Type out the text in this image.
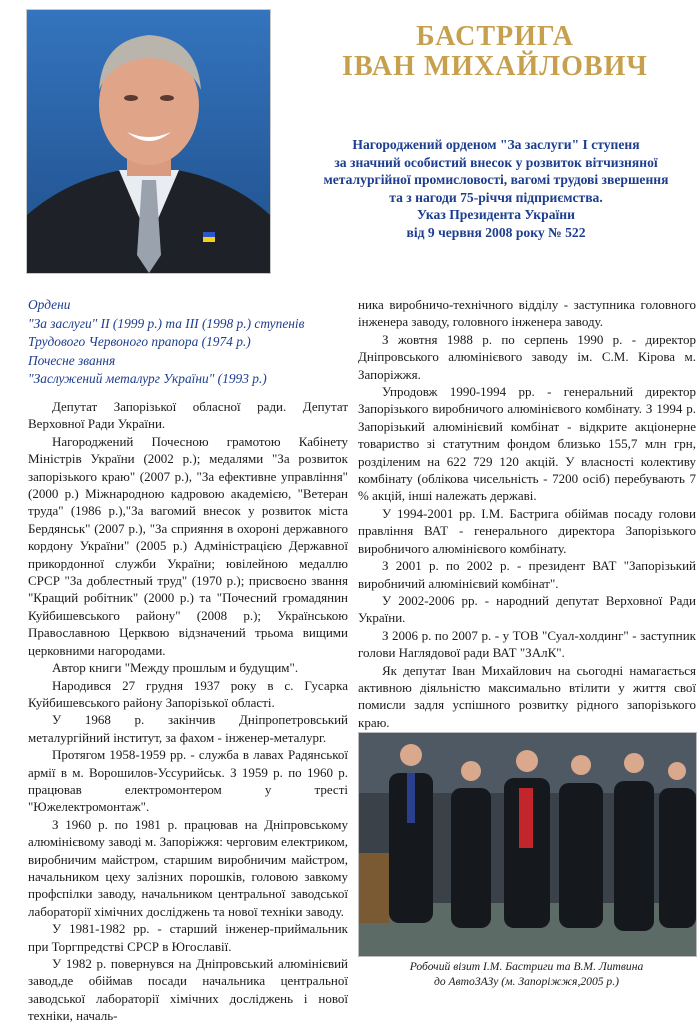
БАСТРИГА
ІВАН МИХАЙЛОВИЧ
Нагороджений орденом "За заслуги" І ступеня
за значний особистий внесок у розвиток вітчизняної
металургійної промисловості, вагомі трудові звершення
та з нагоди 75-річчя підприємства.
Указ Президента України
від 9 червня 2008 року № 522
Ордени
"За заслуги" ІІ (1999 р.) та ІІІ (1998 р.) ступенів
Трудового Червоного прапора (1974 р.)
Почесне звання
"Заслужений металург України" (1993 р.)

Депутат Запорізької обласної ради. Депутат Верховної Ради України.

Нагороджений Почесною грамотою Кабінету Міністрів України (2002 р.); медалями "За розвиток запорізького краю" (2007 р.), "За ефективне управління" (2000 р.) Міжнародною кадровою академією, "Ветеран труда" (1986 р.),"За вагомий внесок у розвиток міста Бердянськ" (2007 р.), "За сприяння в охороні державного кордону України" (2005 р.) Адміністрацією Державної прикордонної служби України; ювілейною медаллю СРСР "За доблестный труд" (1970 р.); присвоєно звання "Кращий робітник" (2000 р.) та "Почесний громадянин Куйбишевського району" (2008 р.); Українською Православною Церквою відзначений трьома вищими церковними нагородами.

Автор книги "Между прошлым и будущим".

Народився 27 грудня 1937 року в с. Гусарка Куйбишевського району Запорізької області.

У 1968 р. закінчив Дніпропетровський металургійний інститут, за фахом - інженер-металург.

Протягом 1958-1959 рр. - служба в лавах Радянської армії в м. Ворошилов-Уссурийськ. З 1959 р. по 1960 р. працював електромонтером у тресті "Южелектромонтаж".

З 1960 р. по 1981 р. працював на Дніпровському алюмінієвому заводі м. Запоріжжя: черговим електриком, виробничим майстром, старшим виробничим майстром, начальником цеху залізних порошків, головою завкому профспілки заводу, начальником центральної заводської лабораторії хімічних досліджень та нової техніки заводу.

У 1981-1982 рр. - старший інженер-приймальник при Торгпредстві СРСР в Югославії.

У 1982 р. повернувся на Дніпровський алюмінієвий завод,де обіймав посади начальника центральної заводської лабораторії хімічних досліджень і нової техніки, началь-

ника виробничо-технічного відділу - заступника головного інженера заводу, головного інженера заводу.

З жовтня 1988 р. по серпень 1990 р. - директор Дніпровського алюмінієвого заводу ім. С.М. Кірова м. Запоріжжя.

Упродовж 1990-1994 рр. - генеральний директор Запорізького виробничого алюмінієвого комбінату. З 1994 р. Запорізький алюмінієвий комбінат - відкрите акціонерне товариство зі статутним фондом близько 155,7 млн грн, розділеним на 622 729 120 акцій. У власності колективу комбінату (облікова чисельність - 7200 осіб) перебувають 7 % акцій, інші належать державі.

У 1994-2001 рр. І.М. Бастрига обіймав посаду голови правління ВАТ - генерального директора Запорізького виробничого алюмінієвого комбінату.

З 2001 р. по 2002 р. - президент ВАТ "Запорізький виробничий алюмінієвий комбінат".

У 2002-2006 рр. - народний депутат Верховної Ради України.

З 2006 р. по 2007 р. - у ТОВ "Суал-холдинг" - заступник голови Наглядової ради ВАТ "ЗАлК".

Як депутат Іван Михайлович на сьогодні намагається активною діяльністю максимально втілити у життя свої помисли задля успішного розвитку рідного запорізького краю.

Робочий візит І.М. Бастриги та В.М. Литвина
до АвтоЗАЗу (м. Запоріжжя,2005 р.)
